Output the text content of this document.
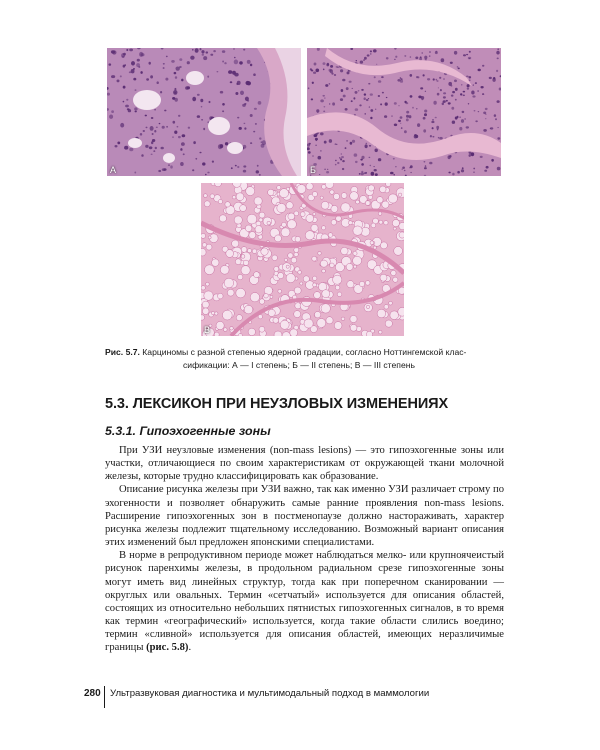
A	Б
В
Рис. 5.7. Карциномы с разной степенью ядерной градации, согласно Ноттингемской клас-
сификации: А — I степень; Б — II степень; В — III степень
5.3. ЛЕКСИКОН ПРИ НЕУЗЛОВЫХ ИЗМЕНЕНИЯХ
5.3.1. Гипоэхогенные зоны

При УЗИ неузловые изменения (non-mass lesions) — это гипоэхогенные зоны или участки, отличающиеся по своим характеристикам от окружающей ткани молочной железы, которые трудно классифицировать как образование.

Описание рисунка железы при УЗИ важно, так как именно УЗИ различает строму по эхогенности и позволяет обнаружить самые ранние проявления non-mass lesions. Расширение гипоэхогенных зон в постменопаузе должно настораживать, характер рисунка железы подлежит тщательному исследованию. Возможный вариант описания этих изменений был предложен японскими специалистами.

В норме в репродуктивном периоде может наблюдаться мелко- или крупноячеистый рисунок паренхимы железы, в продольном радиальном срезе гипоэхогенные зоны могут иметь вид линейных структур, тогда как при поперечном сканировании — округлых или овальных. Термин «сетчатый» используется для описания областей, состоящих из относительно небольших пятнистых гипоэхогенных сигналов, в то время как термин «географический» используется, когда такие области слились воедино; термин «сливной» используется для описания областей, имеющих неразличимые границы (рис. 5.8).

280 Ультразвуковая диагностика и мультимодальный подход в маммологии
